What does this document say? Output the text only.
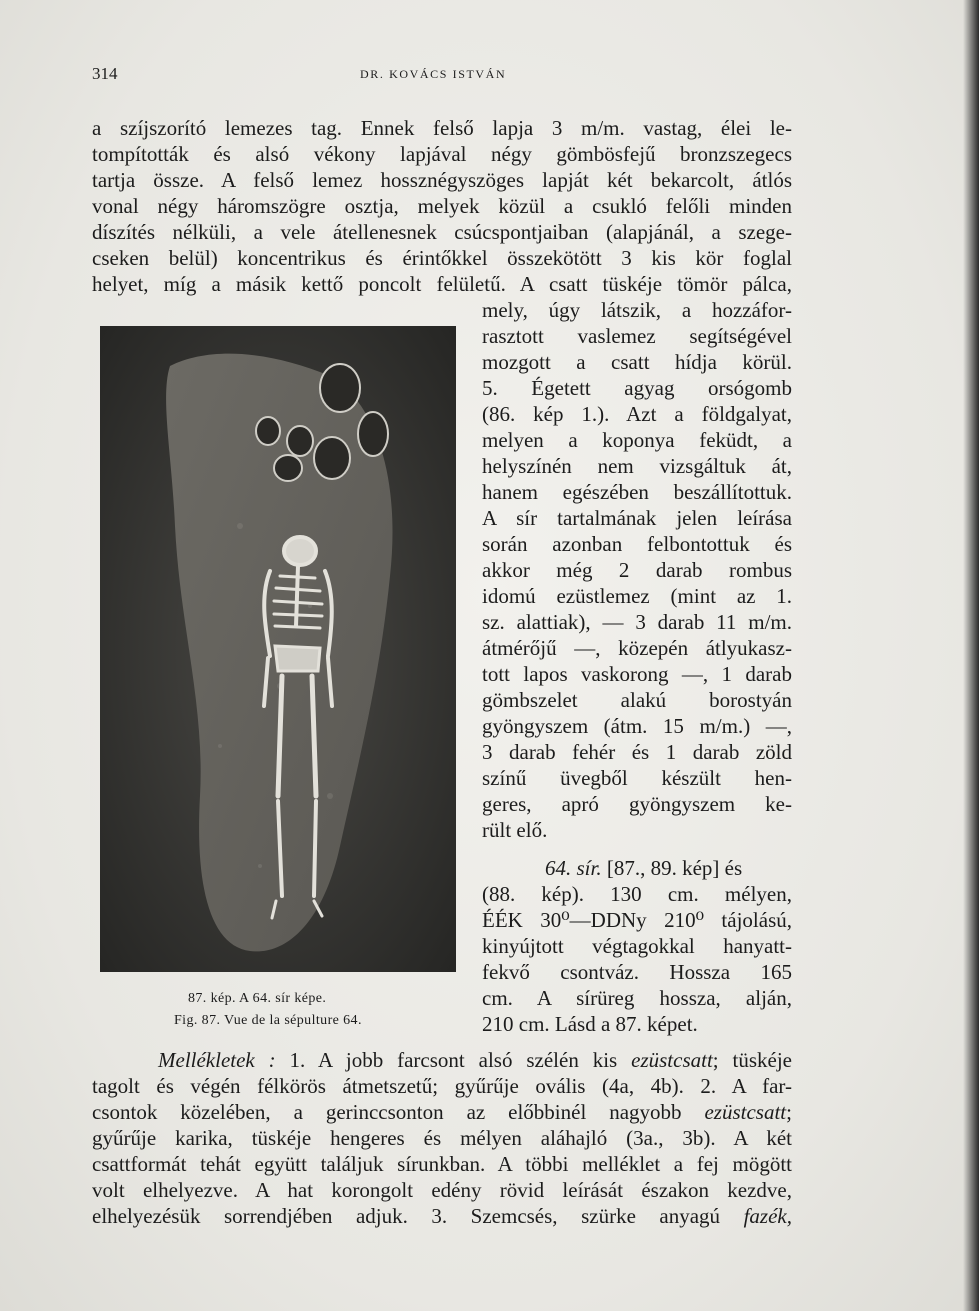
314	DR. KOVÁCS ISTVÁN
a szíjszorító lemezes tag. Ennek felső lapja 3 m/m. vastag, élei le-
tompították és alsó vékony lapjával négy gömbösfejű bronzszegecs
tartja össze. A felső lemez hossznégyszöges lapját két bekarcolt, átlós
vonal négy háromszögre osztja, melyek közül a csukló felőli minden
díszítés nélküli, a vele átellenesnek csúcspontjaiban (alapjánál, a szege-
cseken belül) koncentrikus és érintőkkel összekötött 3 kis kör foglal
helyet, míg a másik kettő poncolt felületű. A csatt tüskéje tömör pálca,
mely, úgy látszik, a hozzáfor-
rasztott vaslemez segítségével
mozgott a csatt hídja körül.
5. Égetett agyag orsógomb
(86. kép 1.). Azt a földgalyat,
melyen a koponya feküdt, a
helyszínén nem vizsgáltuk át,
hanem egészében beszállítottuk.
A sír tartalmának jelen leírása
során azonban felbontottuk és
akkor még 2 darab rombus
idomú ezüstlemez (mint az 1.
sz. alattiak), — 3 darab 11 m/m.
átmérőjű —, közepén átlyukasz-
tott lapos vaskorong —, 1 darab
gömbszelet alakú borostyán
gyöngyszem (átm. 15 m/m.) —,
3 darab fehér és 1 darab zöld
színű üvegből készült hen-
geres, apró gyöngyszem ke-
rült elő.
64. sír. [87., 89. kép] és
(88. kép). 130 cm. mélyen,
ÉÉK 30⁰—DDNy 210⁰ tájolású,
kinyújtott végtagokkal hanyatt-
fekvő csontváz. Hossza 165
cm. A sírüreg hossza, alján,
210 cm. Lásd a 87. képet.
87. kép. A 64. sír képe.
Fig. 87. Vue de la sépulture 64.
Mellékletek : 1. A jobb farcsont alsó szélén kis ezüstcsatt; tüskéje
tagolt és végén félkörös átmetszetű; gyűrűje ovális (4a, 4b). 2. A far-
csontok közelében, a gerinccsonton az előbbinél nagyobb ezüstcsatt;
gyűrűje karika, tüskéje hengeres és mélyen aláhajló (3a., 3b). A két
csattformát tehát együtt találjuk sírunkban. A többi melléklet a fej mögött
volt elhelyezve. A hat korongolt edény rövid leírását északon kezdve,
elhelyezésük sorrendjében adjuk. 3. Szemcsés, szürke anyagú fazék,
